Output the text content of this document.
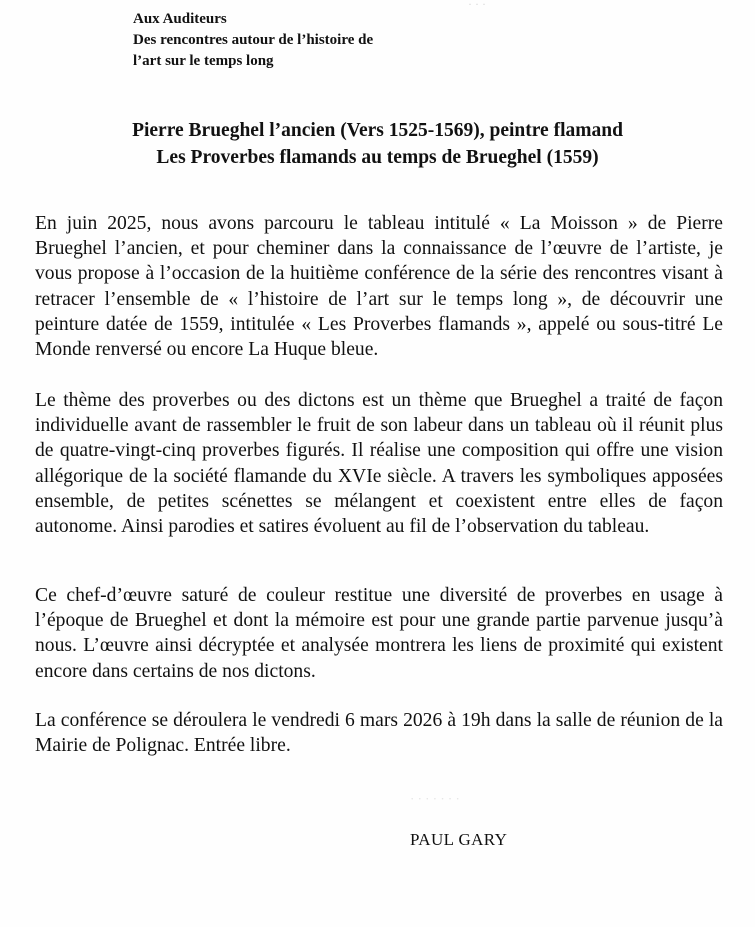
· · ·
Aux Auditeurs
Des rencontres autour de l’histoire de
l’art sur le temps long
Pierre Brueghel l’ancien (Vers 1525-1569), peintre flamand
Les Proverbes flamands au temps de Brueghel (1559)

En juin 2025, nous avons parcouru le tableau intitulé « La Moisson » de Pierre Brueghel l’ancien, et pour cheminer dans la connaissance de l’œuvre de l’artiste, je vous propose à l’occasion de la huitième conférence de la série des rencontres visant à retracer l’ensemble de « l’histoire de l’art sur le temps long », de découvrir une peinture datée de 1559, intitulée « Les Proverbes flamands », appelé ou sous-titré Le Monde renversé ou encore La Huque bleue.

Le thème des proverbes ou des dictons est un thème que Brueghel a traité de façon individuelle avant de rassembler le fruit de son labeur dans un tableau où il réunit plus de quatre-vingt-cinq proverbes figurés. Il réalise une composition qui offre une vision allégorique de la société flamande du XVIe siècle. A travers les symboliques apposées ensemble, de petites scénettes se mélangent et coexistent entre elles de façon autonome. Ainsi parodies et satires évoluent au fil de l’observation du tableau.

Ce chef-d’œuvre saturé de couleur restitue une diversité de proverbes en usage à l’époque de Brueghel et dont la mémoire est pour une grande partie parvenue jusqu’à nous. L’œuvre ainsi décryptée et analysée montrera les liens de proximité qui existent encore dans certains de nos dictons.

La conférence se déroulera le vendredi 6 mars 2026 à 19h dans la salle de réunion de la Mairie de Polignac. Entrée libre.

· · · · · · ·
PAUL GARY
